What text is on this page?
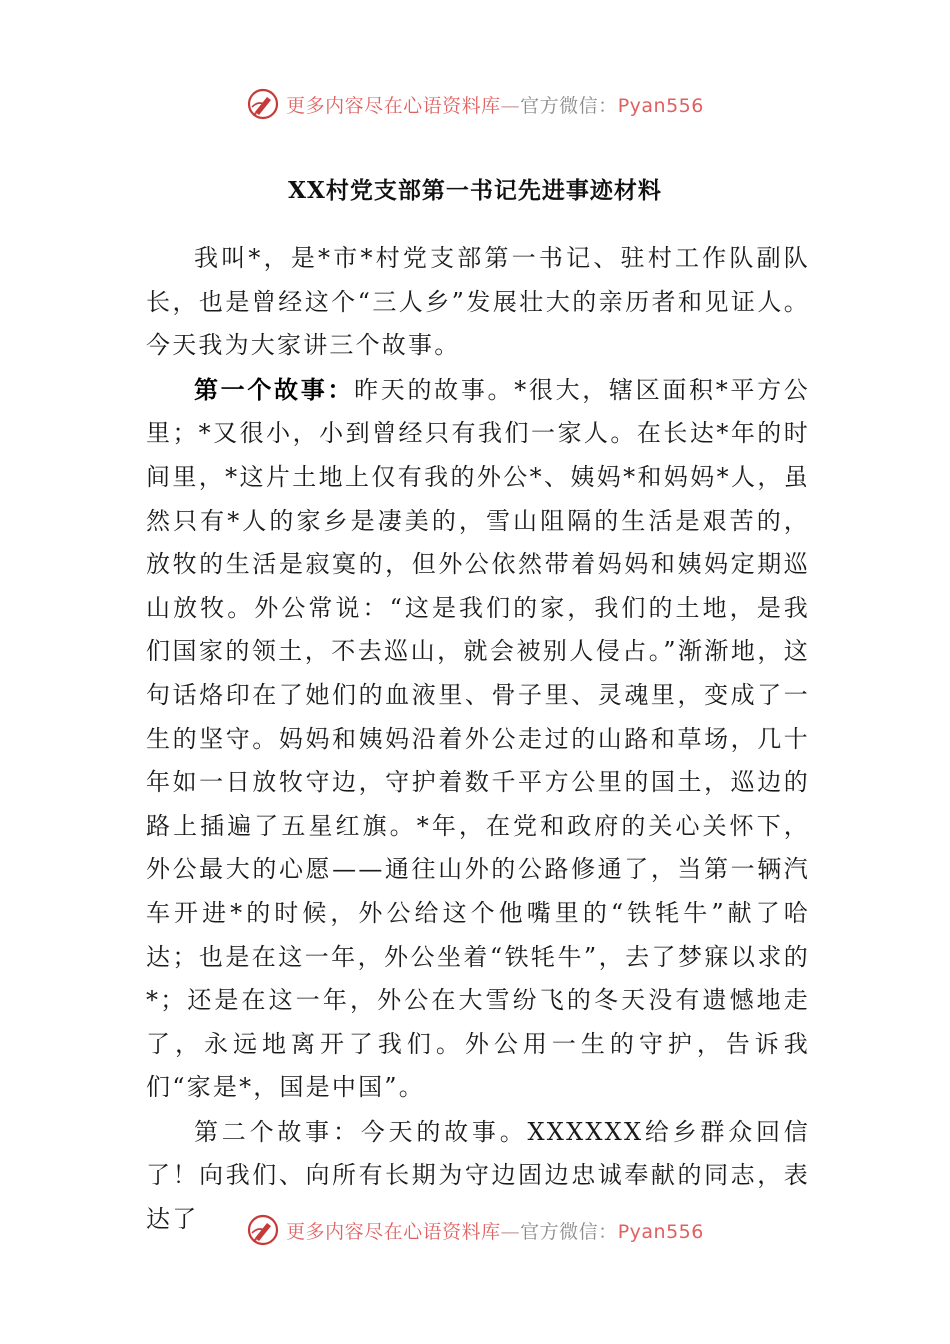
更多内容尽在心语资料库—官方微信：Pyan556
XX村党支部第一书记先进事迹材料

我叫*，是*市*村党支部第一书记、驻村工作队副队长，也是曾经这个“三人乡”发展壮大的亲历者和见证人。今天我为大家讲三个故事。

第一个故事：昨天的故事。*很大，辖区面积*平方公里；*又很小，小到曾经只有我们一家人。在长达*年的时间里，*这片土地上仅有我的外公*、姨妈*和妈妈*人，虽然只有*人的家乡是凄美的，雪山阻隔的生活是艰苦的，放牧的生活是寂寞的，但外公依然带着妈妈和姨妈定期巡山放牧。外公常说：“这是我们的家，我们的土地，是我们国家的领土，不去巡山，就会被别人侵占。”渐渐地，这句话烙印在了她们的血液里、骨子里、灵魂里，变成了一生的坚守。妈妈和姨妈沿着外公走过的山路和草场，几十年如一日放牧守边，守护着数千平方公里的国土，巡边的路上插遍了五星红旗。*年，在党和政府的关心关怀下，外公最大的心愿——通往山外的公路修通了，当第一辆汽车开进*的时候，外公给这个他嘴里的“铁牦牛”献了哈达；也是在这一年，外公坐着“铁牦牛”，去了梦寐以求的*；还是在这一年，外公在大雪纷飞的冬天没有遗憾地走了，永远地离开了我们。外公用一生的守护，告诉我们“家是*，国是中国”。

第二个故事：今天的故事。XXXXXX给乡群众回信了！向我们、向所有长期为守边固边忠诚奉献的同志，表达了	更多内容尽在心语资料库—官方微信：Pyan556
